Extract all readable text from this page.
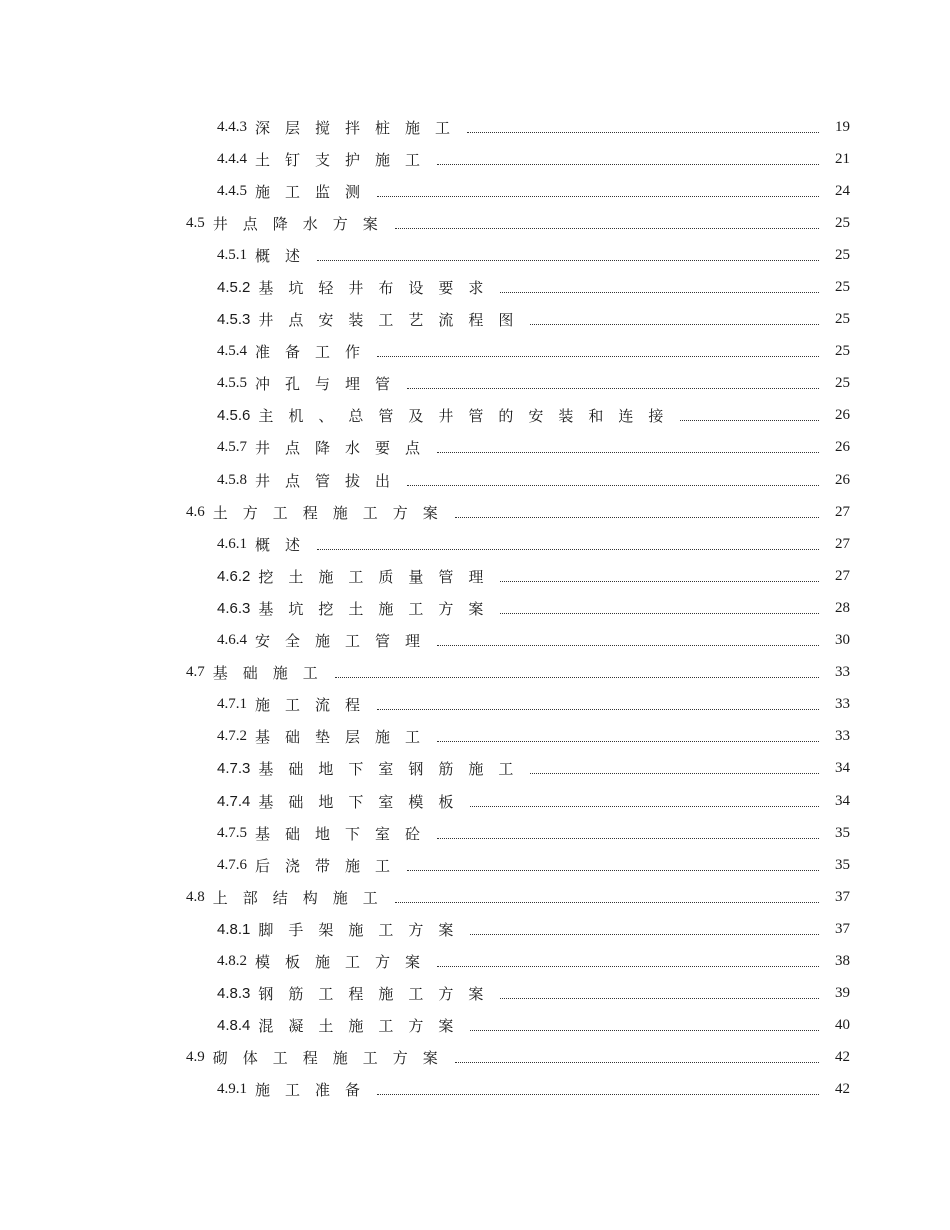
4.4.3 深层搅拌桩施工	19
4.4.4 土钉支护施工	21
4.4.5 施工监测	24
4.5 井点降水方案	25
4.5.1 概述	25
4.5.2 基坑轻井布设要求	25
4.5.3 井点安装工艺流程图	25
4.5.4 准备工作	25
4.5.5 冲孔与埋管	25
4.5.6 主机、总管及井管的安装和连接	26
4.5.7 井点降水要点	26
4.5.8 井点管拔出	26
4.6 土方工程施工方案	27
4.6.1 概述	27
4.6.2 挖土施工质量管理	27
4.6.3 基坑挖土施工方案	28
4.6.4 安全施工管理	30
4.7 基础施工	33
4.7.1 施工流程	33
4.7.2 基础垫层施工	33
4.7.3 基础地下室钢筋施工	34
4.7.4 基础地下室模板	34
4.7.5 基础地下室砼	35
4.7.6 后浇带施工	35
4.8 上部结构施工	37
4.8.1 脚手架施工方案	37
4.8.2 模板施工方案	38
4.8.3 钢筋工程施工方案	39
4.8.4 混凝土施工方案	40
4.9 砌体工程施工方案	42
4.9.1 施工准备	42
